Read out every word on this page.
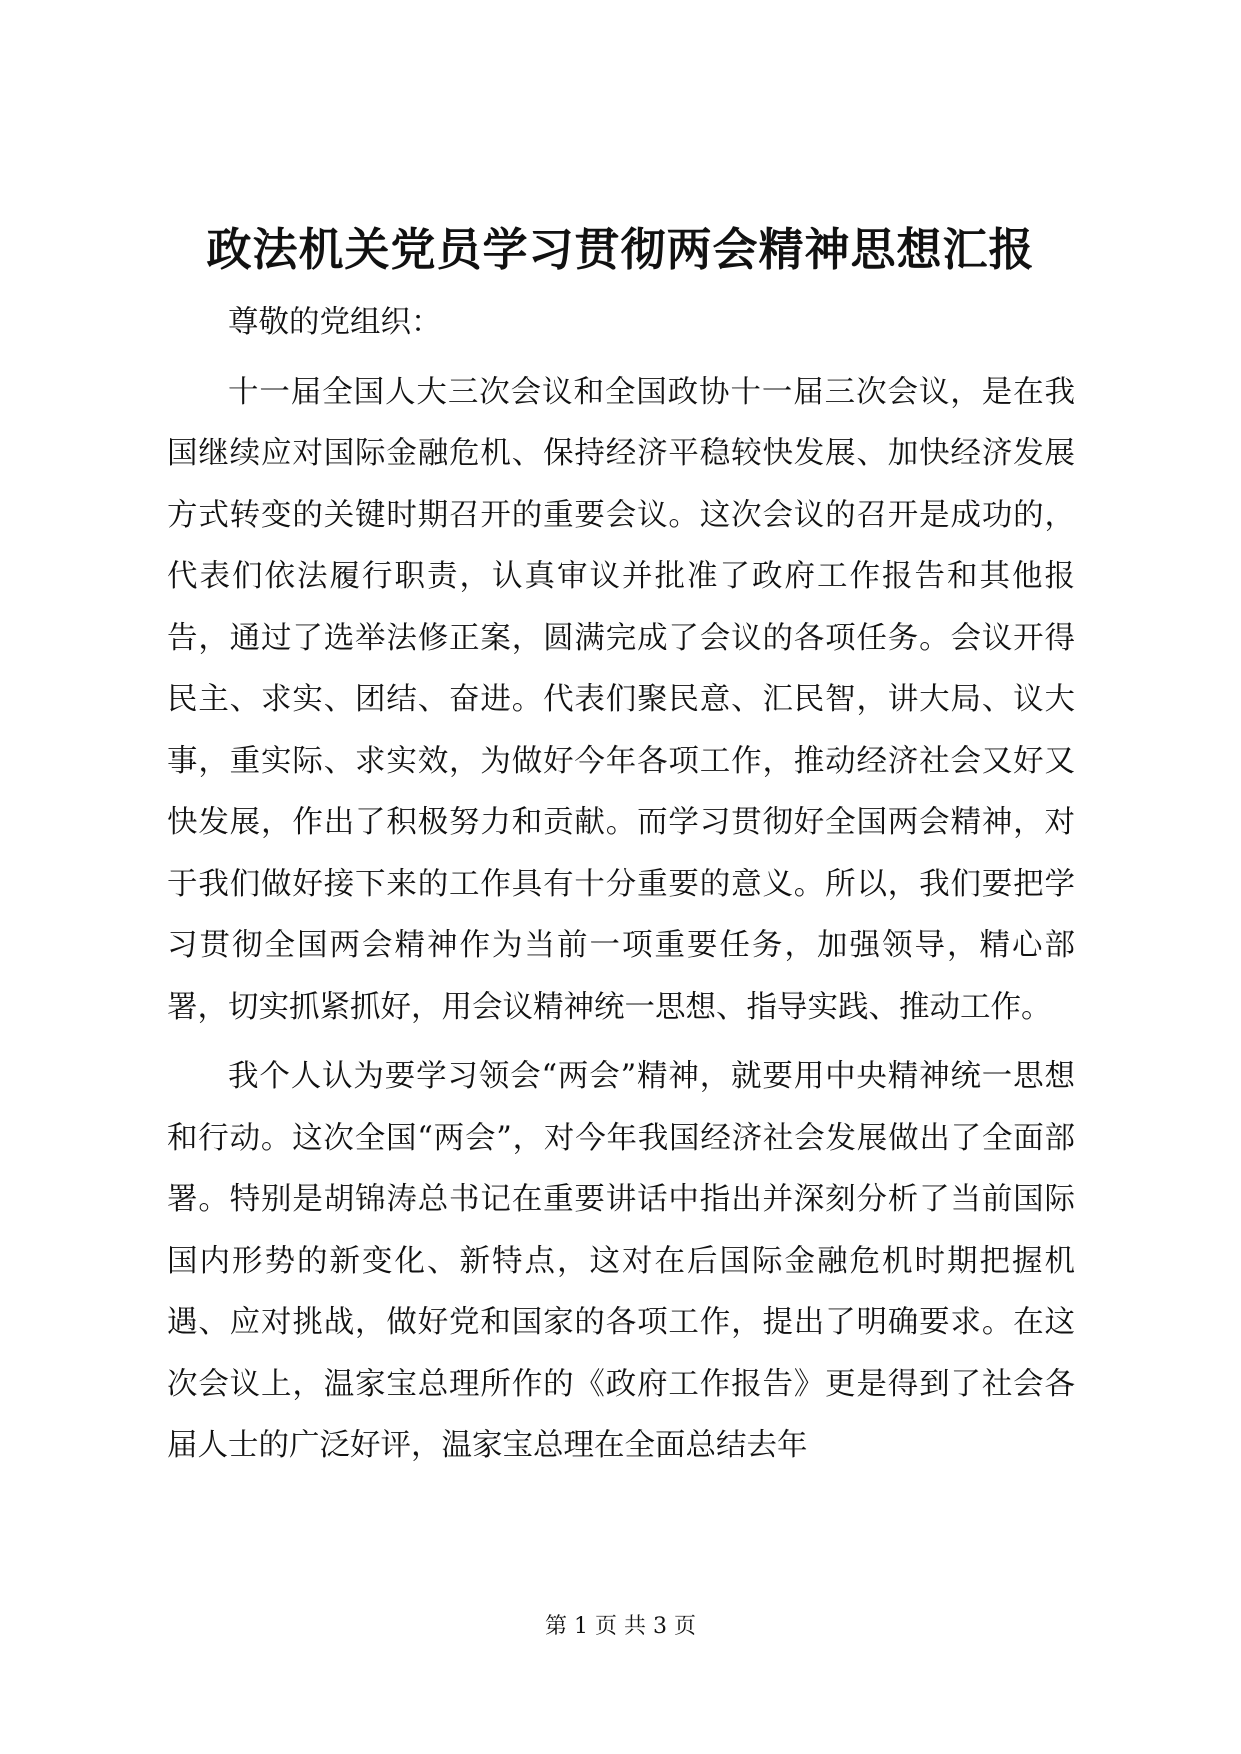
政法机关党员学习贯彻两会精神思想汇报

尊敬的党组织：

十一届全国人大三次会议和全国政协十一届三次会议，是在我国继续应对国际金融危机、保持经济平稳较快发展、加快经济发展方式转变的关键时期召开的重要会议。这次会议的召开是成功的，代表们依法履行职责，认真审议并批准了政府工作报告和其他报告，通过了选举法修正案，圆满完成了会议的各项任务。会议开得民主、求实、团结、奋进。代表们聚民意、汇民智，讲大局、议大事，重实际、求实效，为做好今年各项工作，推动经济社会又好又快发展，作出了积极努力和贡献。而学习贯彻好全国两会精神，对于我们做好接下来的工作具有十分重要的意义。所以，我们要把学习贯彻全国两会精神作为当前一项重要任务，加强领导，精心部署，切实抓紧抓好，用会议精神统一思想、指导实践、推动工作。

我个人认为要学习领会“两会”精神，就要用中央精神统一思想和行动。这次全国“两会”，对今年我国经济社会发展做出了全面部署。特别是胡锦涛总书记在重要讲话中指出并深刻分析了当前国际国内形势的新变化、新特点，这对在后国际金融危机时期把握机遇、应对挑战，做好党和国家的各项工作，提出了明确要求。在这次会议上，温家宝总理所作的《政府工作报告》更是得到了社会各届人士的广泛好评，温家宝总理在全面总结去年

第 1 页 共 3 页
